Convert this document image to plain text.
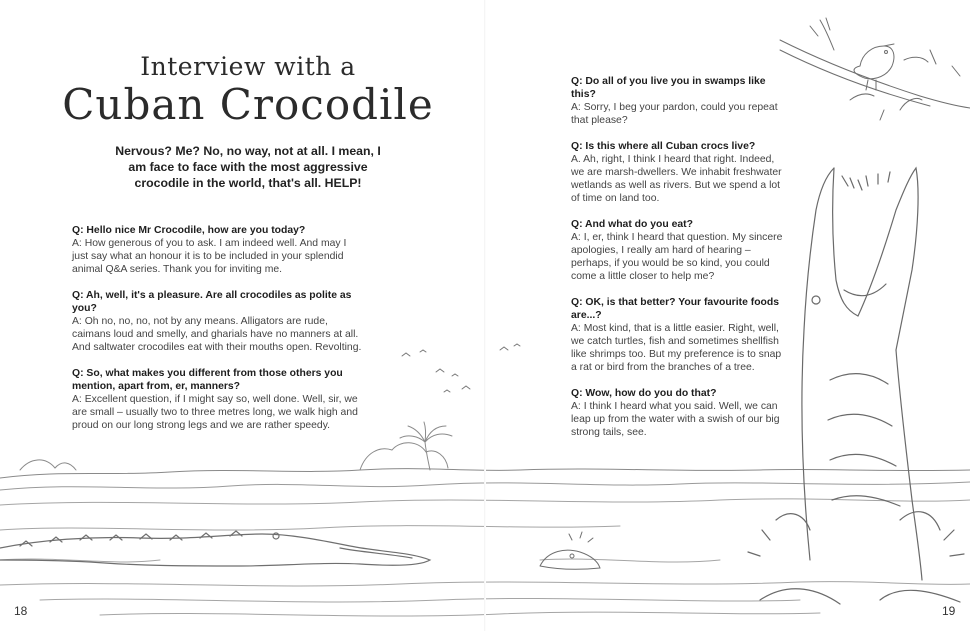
Interview with a
Cuban Crocodile
Nervous? Me? No, no way, not at all. I mean, I am face to face with the most aggressive crocodile in the world, that's all. HELP!
Q: Hello nice Mr Crocodile, how are you today?
A: How generous of you to ask. I am indeed well. And may I just say what an honour it is to be included in your splendid animal Q&A series. Thank you for inviting me.
Q: Ah, well, it's a pleasure. Are all crocodiles as polite as you?
A: Oh no, no, no, not by any means. Alligators are rude, caimans loud and smelly, and gharials have no manners at all. And saltwater crocodiles eat with their mouths open. Revolting.
Q: So, what makes you different from those others you mention, apart from, er, manners?
A: Excellent question, if I might say so, well done. Well, sir, we are small – usually two to three metres long, we walk high and proud on our long strong legs and we are rather speedy.
Q: Do all of you live you in swamps like this?
A: Sorry, I beg your pardon, could you repeat that please?
Q: Is this where all Cuban crocs live?
A. Ah, right, I think I heard that right. Indeed, we are marsh-dwellers. We inhabit freshwater wetlands as well as rivers. But we spend a lot of time on land too.
Q: And what do you eat?
A: I, er, think I heard that question. My sincere apologies, I really am hard of hearing – perhaps, if you would be so kind, you could come a little closer to help me?
Q: OK, is that better? Your favourite foods are...?
A: Most kind, that is a little easier. Right, well, we catch turtles, fish and sometimes shellfish like shrimps too. But my preference is to snap a rat or bird from the branches of a tree.
Q: Wow, how do you do that?
A: I think I heard what you said. Well, we can leap up from the water with a swish of our big strong tails, see.
18	19
